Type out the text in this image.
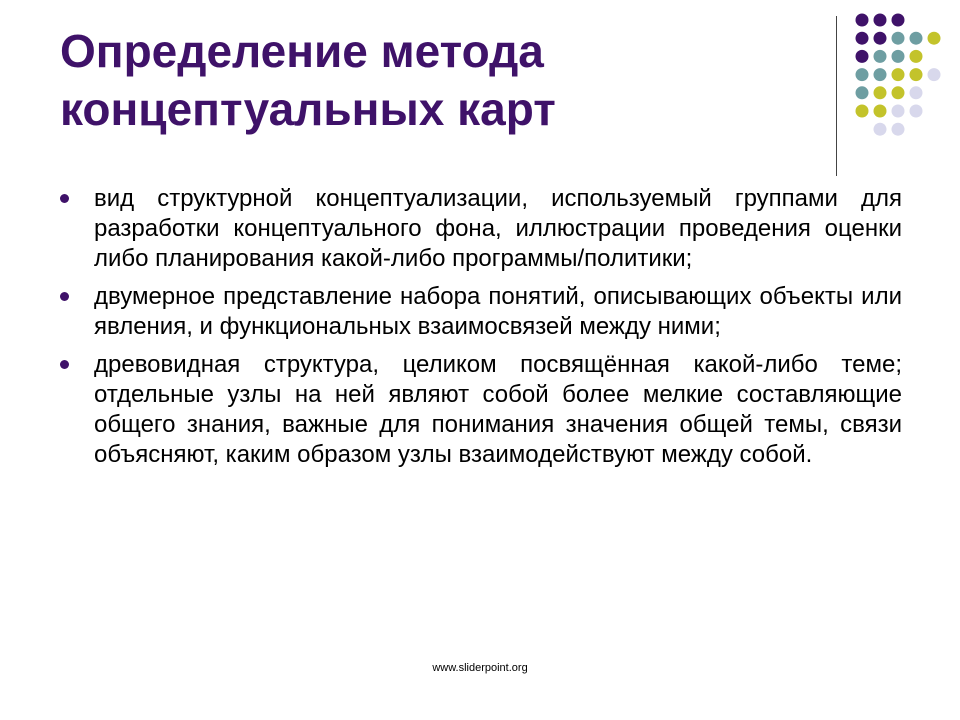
Определение метода концептуальных карт
вид структурной концептуализации, используемый группами для разработки концептуального фона, иллюстрации проведения оценки либо планирования какой-либо программы/политики;
двумерное представление набора понятий, описывающих объекты или явления, и функциональных взаимосвязей между ними;
древовидная структура, целиком посвящённая какой-либо теме; отдельные узлы на ней являют собой более мелкие составляющие общего знания, важные для понимания значения общей темы, связи объясняют, каким образом узлы взаимодействуют между собой.
www.sliderpoint.org
